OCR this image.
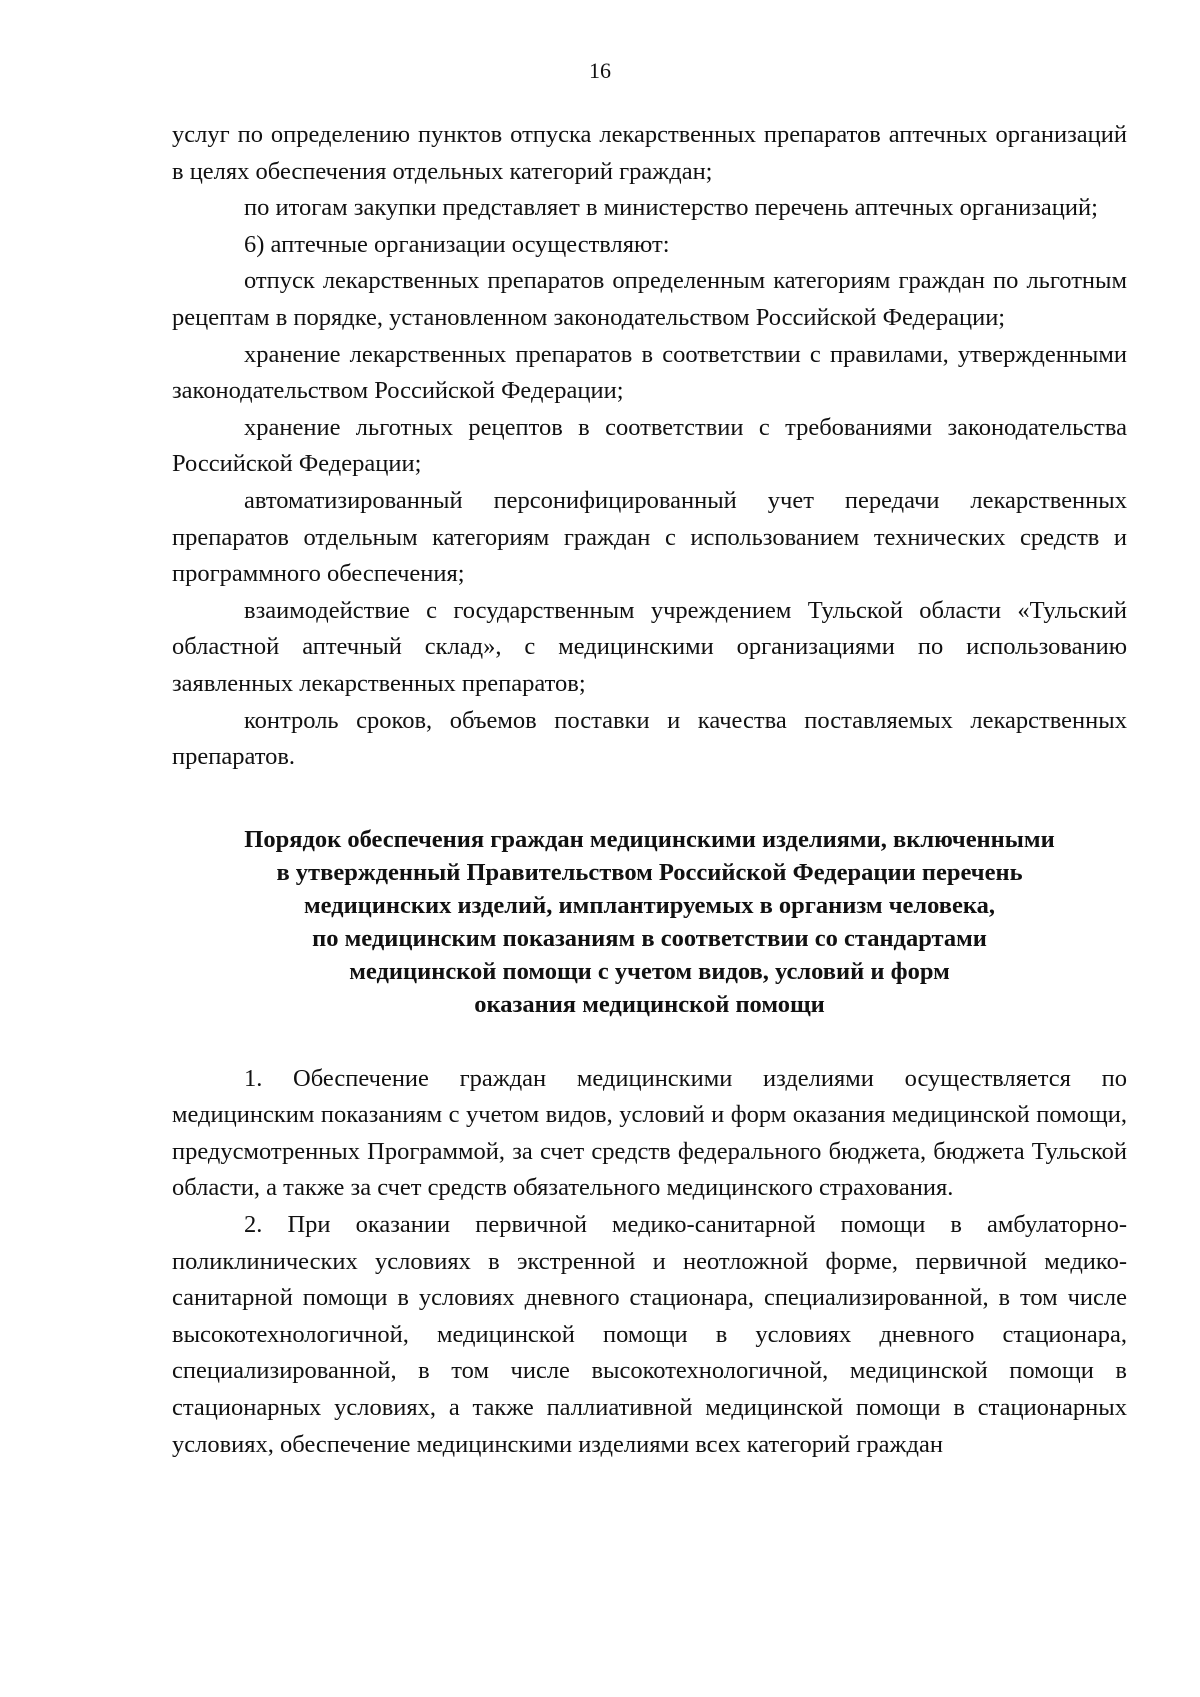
16

услуг по определению пунктов отпуска лекарственных препаратов аптечных организаций в целях обеспечения отдельных категорий граждан;

по итогам закупки представляет в министерство перечень аптечных организаций;

6) аптечные организации осуществляют:

отпуск лекарственных препаратов определенным категориям граждан по льготным рецептам в порядке, установленном законодательством Российской Федерации;

хранение лекарственных препаратов в соответствии с правилами, утвержденными законодательством Российской Федерации;

хранение льготных рецептов в соответствии с требованиями законодательства Российской Федерации;

автоматизированный персонифицированный учет передачи лекарственных препаратов отдельным категориям граждан с использованием технических средств и программного обеспечения;

взаимодействие с государственным учреждением Тульской области «Тульский областной аптечный склад», с медицинскими организациями по использованию заявленных лекарственных препаратов;

контроль сроков, объемов поставки и качества поставляемых лекарственных препаратов.

Порядок обеспечения граждан медицинскими изделиями, включенными
в утвержденный Правительством Российской Федерации перечень
медицинских изделий, имплантируемых в организм человека,
по медицинским показаниям в соответствии со стандартами
медицинской помощи с учетом видов, условий и форм
оказания медицинской помощи

1. Обеспечение граждан медицинскими изделиями осуществляется по медицинским показаниям с учетом видов, условий и форм оказания медицинской помощи, предусмотренных Программой, за счет средств федерального бюджета, бюджета Тульской области, а также за счет средств обязательного медицинского страхования.

2. При оказании первичной медико-санитарной помощи в амбулаторно-поликлинических условиях в экстренной и неотложной форме, первичной медико-санитарной помощи в условиях дневного стационара, специализированной, в том числе высокотехнологичной, медицинской помощи в условиях дневного стационара, специализированной, в том числе высокотехнологичной, медицинской помощи в стационарных условиях, а также паллиативной медицинской помощи в стационарных условиях, обеспечение медицинскими изделиями всех категорий граждан
